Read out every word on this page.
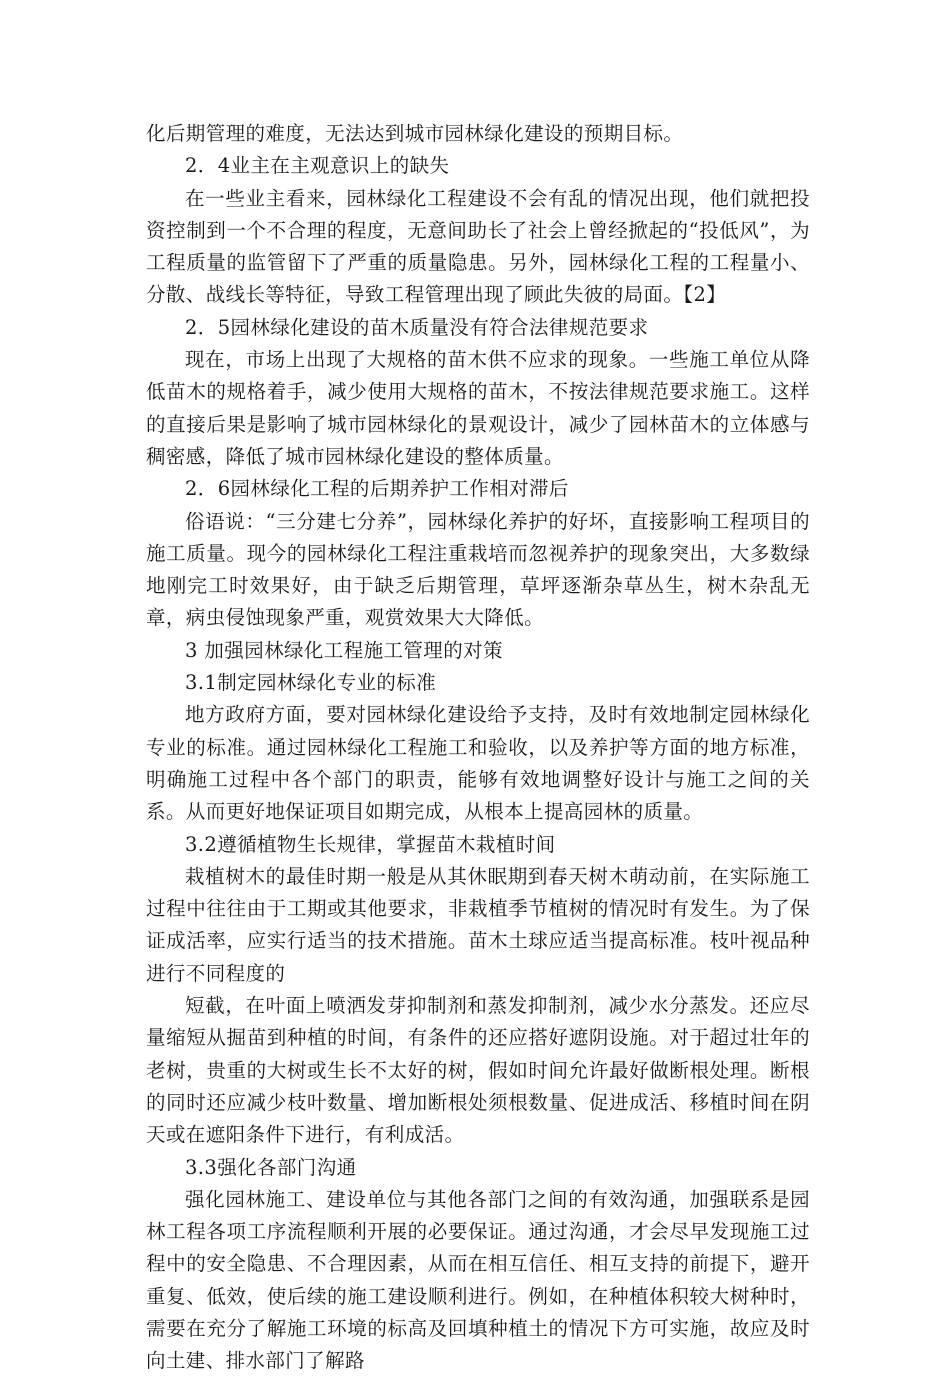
化后期管理的难度，无法达到城市园林绿化建设的预期目标。

2．4业主在主观意识上的缺失

在一些业主看来，园林绿化工程建设不会有乱的情况出现，他们就把投资控制到一个不合理的程度，无意间助长了社会上曾经掀起的“投低风”，为工程质量的监管留下了严重的质量隐患。另外，园林绿化工程的工程量小、分散、战线长等特征，导致工程管理出现了顾此失彼的局面。【2】

2．5园林绿化建设的苗木质量没有符合法律规范要求

现在，市场上出现了大规格的苗木供不应求的现象。一些施工单位从降低苗木的规格着手，减少使用大规格的苗木，不按法律规范要求施工。这样的直接后果是影响了城市园林绿化的景观设计，减少了园林苗木的立体感与稠密感，降低了城市园林绿化建设的整体质量。

2．6园林绿化工程的后期养护工作相对滞后

俗语说：“三分建七分养”，园林绿化养护的好坏，直接影响工程项目的施工质量。现今的园林绿化工程注重栽培而忽视养护的现象突出，大多数绿地刚完工时效果好，由于缺乏后期管理，草坪逐渐杂草丛生，树木杂乱无章，病虫侵蚀现象严重，观赏效果大大降低。

3 加强园林绿化工程施工管理的对策

3.1制定园林绿化专业的标准

地方政府方面，要对园林绿化建设给予支持，及时有效地制定园林绿化专业的标准。通过园林绿化工程施工和验收，以及养护等方面的地方标准，明确施工过程中各个部门的职责，能够有效地调整好设计与施工之间的关系。从而更好地保证项目如期完成，从根本上提高园林的质量。

3.2遵循植物生长规律，掌握苗木栽植时间

栽植树木的最佳时期一般是从其休眠期到春天树木萌动前，在实际施工过程中往往由于工期或其他要求，非栽植季节植树的情况时有发生。为了保证成活率，应实行适当的技术措施。苗木土球应适当提高标准。枝叶视品种进行不同程度的

短截，在叶面上喷洒发芽抑制剂和蒸发抑制剂，减少水分蒸发。还应尽量缩短从掘苗到种植的时间，有条件的还应搭好遮阴设施。对于超过壮年的老树，贵重的大树或生长不太好的树，假如时间允许最好做断根处理。断根的同时还应减少枝叶数量、增加断根处须根数量、促进成活、移植时间在阴天或在遮阳条件下进行，有利成活。

3.3强化各部门沟通

强化园林施工、建设单位与其他各部门之间的有效沟通，加强联系是园林工程各项工序流程顺利开展的必要保证。通过沟通，才会尽早发现施工过程中的安全隐患、不合理因素，从而在相互信任、相互支持的前提下，避开重复、低效，使后续的施工建设顺利进行。例如，在种植体积较大树种时，需要在充分了解施工环境的标高及回填种植土的情况下方可实施，故应及时向土建、排水部门了解路
